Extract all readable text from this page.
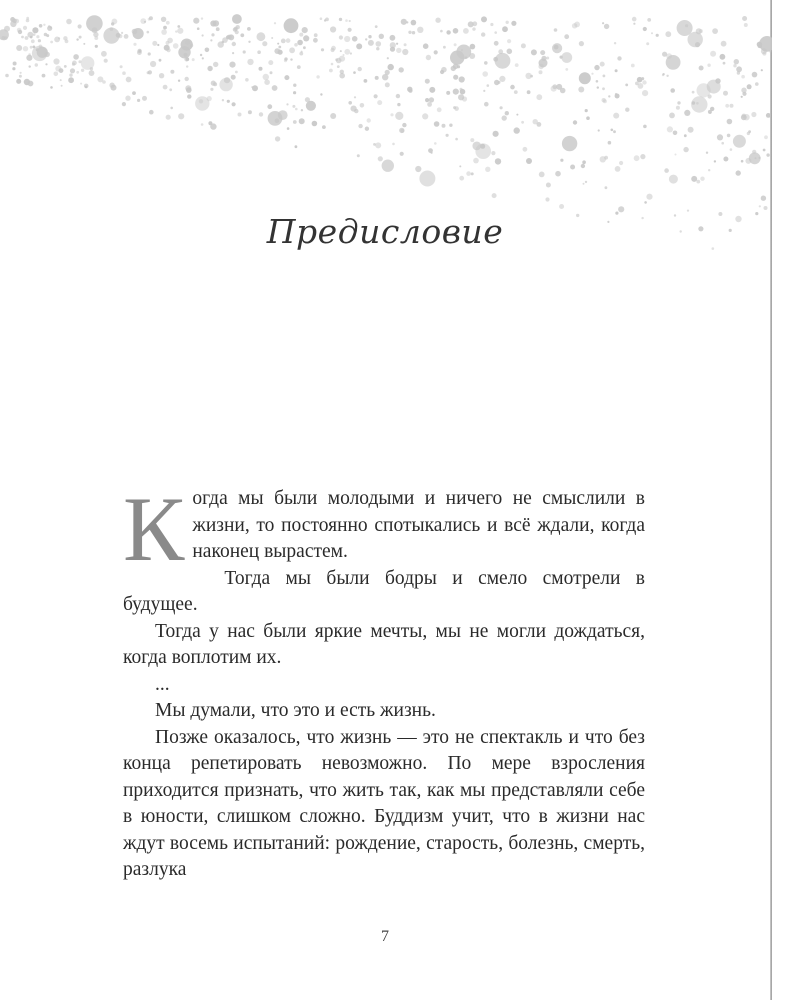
Предисловие

Когда мы были молодыми и ничего не смыслили в жизни, то постоянно спотыкались и всё ждали, когда наконец вырастем.

Тогда мы были бодры и смело смотрели в будущее.

Тогда у нас были яркие мечты, мы не могли дождаться, когда воплотим их.

...

Мы думали, что это и есть жизнь.

Позже оказалось, что жизнь — это не спектакль и что без конца репетировать невозможно. По мере взросления приходится признать, что жить так, как мы представляли себе в юности, слишком сложно. Буддизм учит, что в жизни нас ждут восемь испытаний: рождение, старость, болезнь, смерть, разлука

7
